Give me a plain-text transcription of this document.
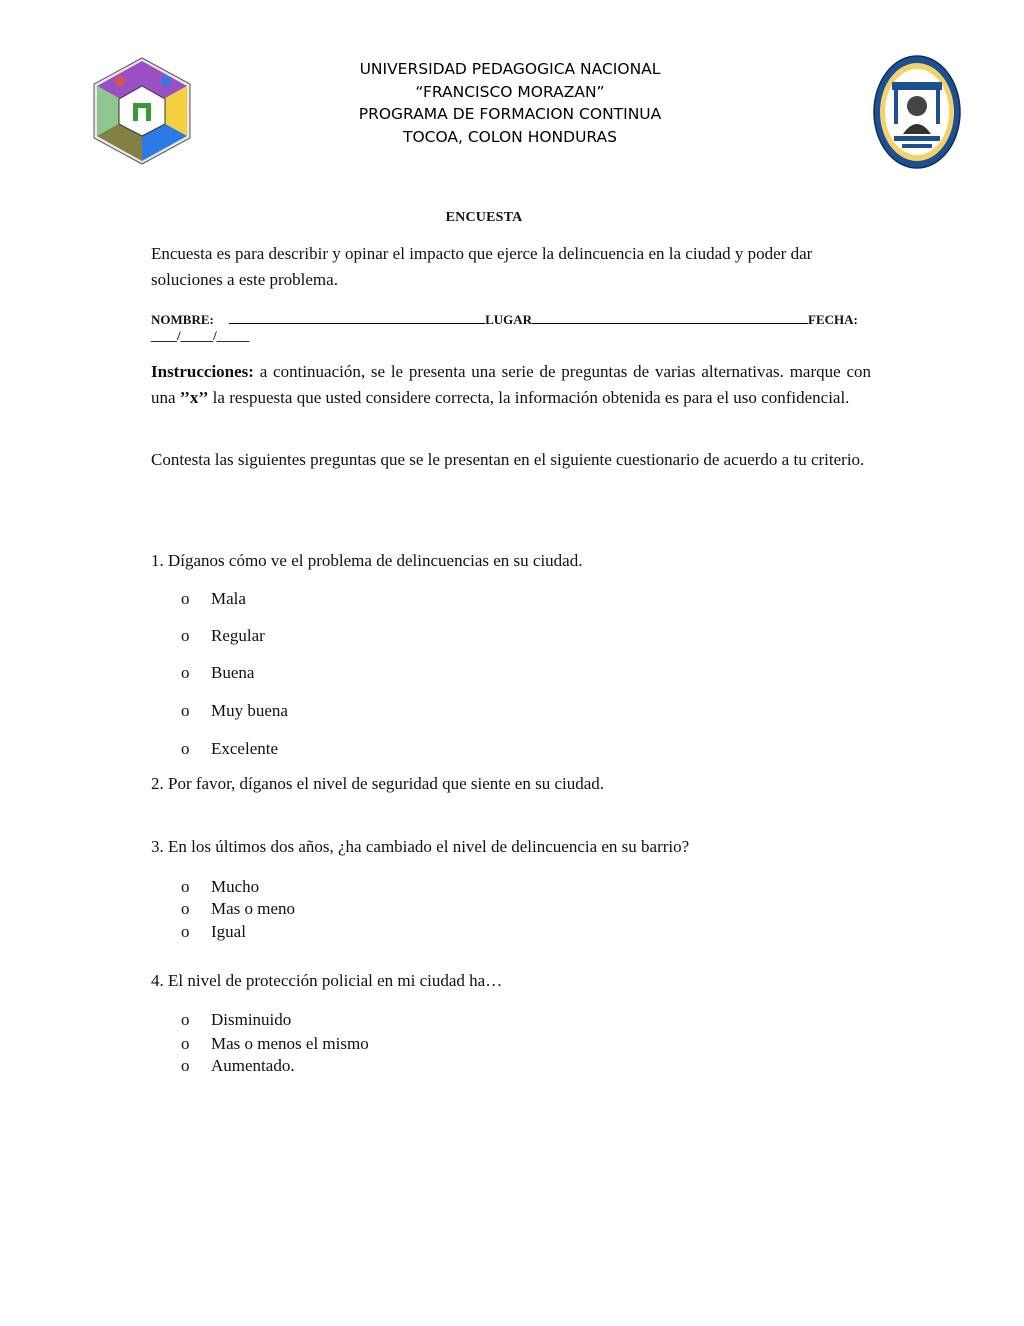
UNIVERSIDAD PEDAGOGICA NACIONAL
“FRANCISCO MORAZAN”
PROGRAMA DE FORMACION CONTINUA
TOCOA, COLON HONDURAS
ENCUESTA
Encuesta es para describir y opinar el impacto que ejerce la delincuencia en la ciudad y poder dar soluciones a este problema.
NOMBRE:	LUGAR	FECHA:
____/_____/_____
Instrucciones: a continuación, se le presenta una serie de preguntas de varias alternativas. marque con una ’’x’’ la respuesta que usted considere correcta, la información obtenida es para el uso confidencial.
Contesta las siguientes preguntas que se le presentan en el siguiente cuestionario de acuerdo a tu criterio.
1. Díganos cómo ve el problema de delincuencias en su ciudad.
o Mala
o Regular
o Buena
o Muy buena
o Excelente
2. Por favor, díganos el nivel de seguridad que siente en su ciudad.
3. En los últimos dos años, ¿ha cambiado el nivel de delincuencia en su barrio?
o Mucho
o Mas o meno
o Igual
4. El nivel de protección policial en mi ciudad ha…
o Disminuido
o Mas o menos el mismo
o Aumentado.
